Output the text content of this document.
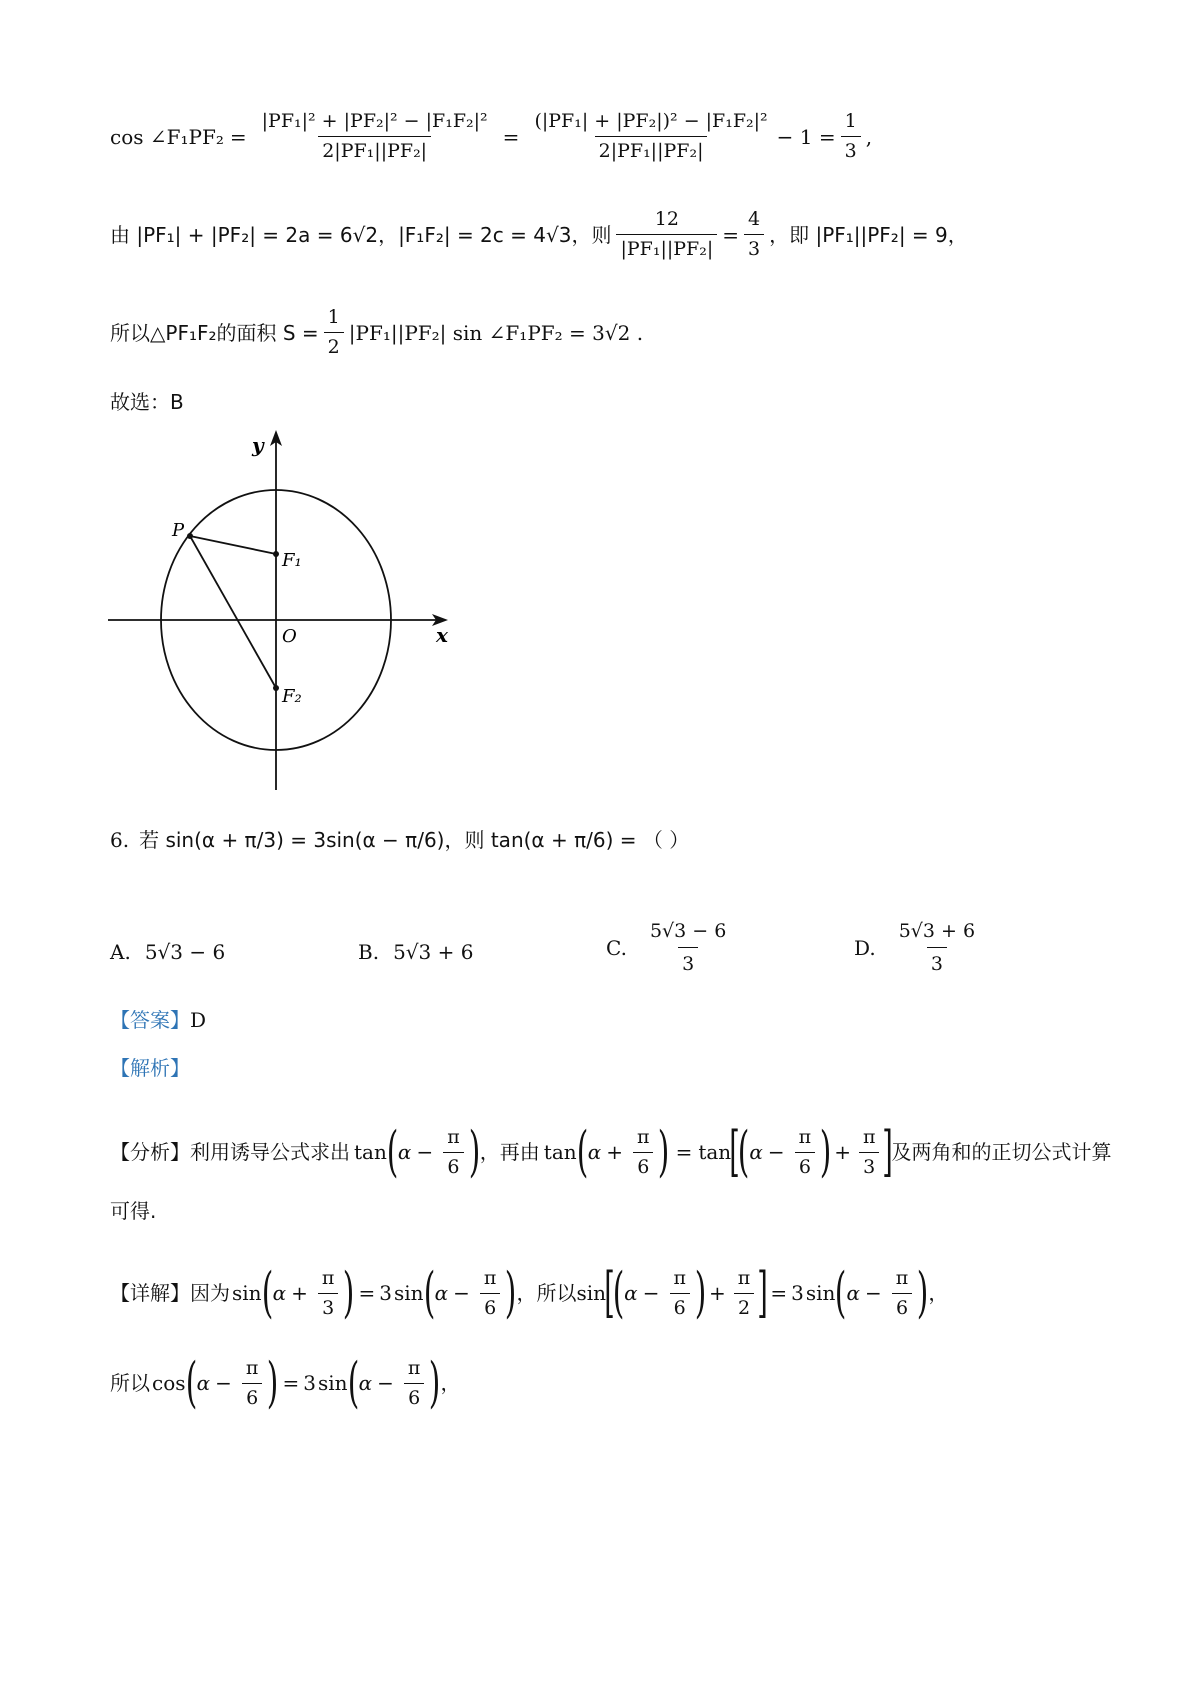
cos ∠F₁PF₂ = $\frac{\text{|PF₁|² + |PF₂|² − |F₁F₂|²}}{\text{2|PF₁||PF₂|}} = \frac{\text{(|PF₁| + |PF₂|)² − |F₁F₂|²}}{\text{2|PF₁||PF₂|}} - 1 = \frac{1}{3}$ ,
由 |PF₁| + |PF₂| = 2a = 6√2，|F₁F₂| = 2c = 4√3，则 $\frac{12}{\text{|PF₁||PF₂|}} = \frac{4}{3}$ ，即 |PF₁||PF₂| = 9，
所以△PF₁F₂的面积 $S = \frac{1}{2} |PF_1||PF_2|$ sin ∠F₁PF₂ = 3√2 .
故选：B
y
x
O
P
F₁
F₂
6. 若 sin(α + π/3) = 3sin(α − π/6)，则 tan(α + π/6) = （ ）
A. 5√3 − 6	B. 5√3 + 6	C. $\frac{5√3 - 6}{3}$	D. $\frac{5√3 + 6}{3}$
【答案】 D
【解析】
【分析】 利用诱导公式求出 tan ( $\alpha - \frac{\pi}{6}$ ) ，再由 tan ( $\alpha + \frac{\pi}{6}$ ) = tan
[
( $\alpha - \frac{\pi}{6}$ ) + $\frac{\pi}{3}$ ]
及两角和的正切公式计算
可得.
【详解】 因为 sin ( $\alpha + \frac{\pi}{3}$ ) = 3 sin ( $\alpha - \frac{\pi}{6}$ ) ，所以 sin
[
( $\alpha - \frac{\pi}{6}$ ) + $\frac{\pi}{2}$ ] = 3 sin ( $\alpha - \frac{\pi}{6}$ ) ，
所以 cos ( $\alpha - \frac{\pi}{6}$ ) = 3 sin ( $\alpha - \frac{\pi}{6}$ ) ，
